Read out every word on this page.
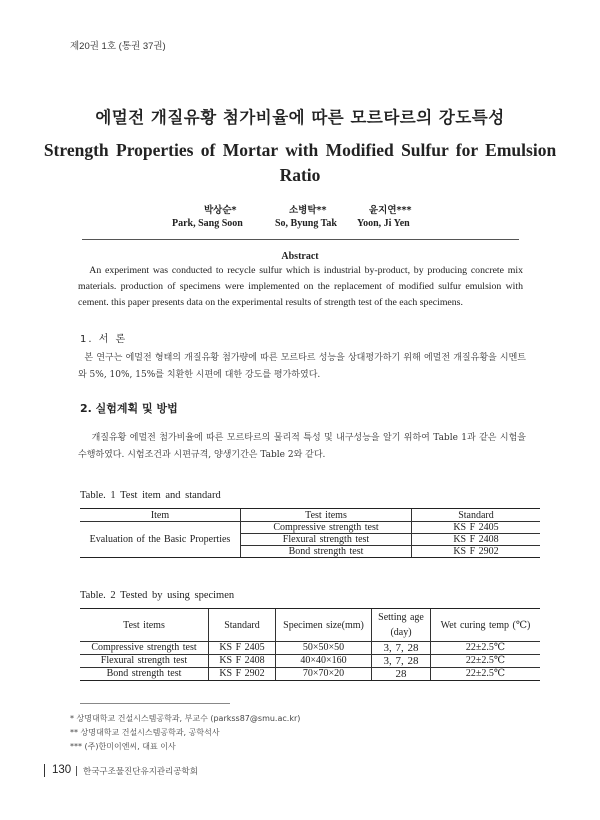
제20권 1호 (통권 37권)
에멀전 개질유황 첨가비율에 따른 모르타르의 강도특성
Strength Properties of Mortar with Modified Sulfur for Emulsion Ratio
박상순*	소병탁**	윤지연***
Park, Sang Soon	So, Byung Tak Yoon, Ji Yen
Abstract
An experiment was conducted to recycle sulfur which is industrial by-product, by producing concrete mix materials. production of specimens were implemented on the replacement of modified sulfur emulsion with cement. this paper presents data on the experimental results of strength test of the each specimens.
1. 서 론
본 연구는 에멀전 형태의 개질유황 첨가량에 따른 모르타르 성능을 상대평가하기 위해 에멀전 개질유황을 시멘트와 5%, 10%, 15%를 치환한 시편에 대한 강도를 평가하였다.
2. 실험계획 및 방법
개질유황 에멀전 첨가비율에 따른 모르타르의 물리적 특성 및 내구성능을 알기 위하여 Table 1과 같은 시험을 수행하였다. 시험조건과 시편규격, 양생기간은 Table 2와 같다.
Table. 1 Test item and standard
Item	Test items	Standard
Evaluation of the Basic Properties	Compressive strength test	KS F 2405
	Flexural strength test	KS F 2408
	Bond strength test	KS F 2902
Table. 2 Tested by using specimen
Test items	Standard	Specimen size(mm)	Setting age (day)	Wet curing temp (℃)
Compressive strength test	KS F 2405	50×50×50	3, 7, 28	22±2.5℃
Flexural strength test	KS F 2408	40×40×160	3, 7, 28	22±2.5℃
Bond strength test	KS F 2902	70×70×20	28	22±2.5℃
* 상명대학교 건설시스템공학과, 부교수 (parkss87@smu.ac.kr)
** 상명대학교 건설시스템공학과, 공학석사
*** (주)한미이엔씨, 대표 이사
130 한국구조물진단유지관리공학회
